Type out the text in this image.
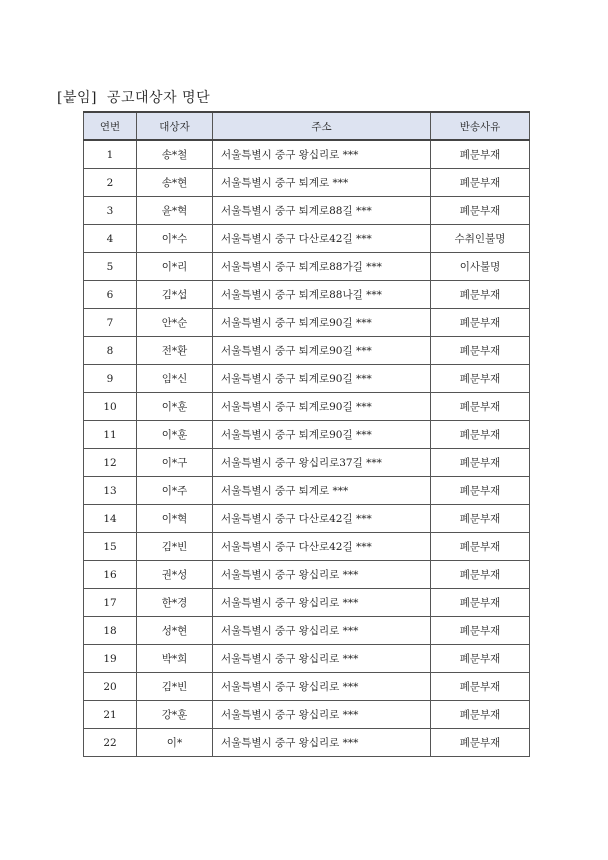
[붙임] 공고대상자 명단
연번	대상자	주소	반송사유
1	송*철	서울특별시 중구 왕십리로 ***	폐문부재
2	송*현	서울특별시 중구 퇴계로 ***	폐문부재
3	윤*혁	서울특별시 중구 퇴계로88길 ***	폐문부재
4	이*수	서울특별시 중구 다산로42길 ***	수취인불명
5	이*리	서울특별시 중구 퇴계로88가길 ***	이사불명
6	김*섭	서울특별시 중구 퇴계로88나길 ***	폐문부재
7	안*순	서울특별시 중구 퇴계로90길 ***	폐문부재
8	전*환	서울특별시 중구 퇴계로90길 ***	폐문부재
9	임*신	서울특별시 중구 퇴계로90길 ***	폐문부재
10	이*훈	서울특별시 중구 퇴계로90길 ***	폐문부재
11	이*훈	서울특별시 중구 퇴계로90길 ***	폐문부재
12	이*구	서울특별시 중구 왕십리로37길 ***	폐문부재
13	이*주	서울특별시 중구 퇴계로 ***	폐문부재
14	이*혁	서울특별시 중구 다산로42길 ***	폐문부재
15	김*빈	서울특별시 중구 다산로42길 ***	폐문부재
16	권*성	서울특별시 중구 왕십리로 ***	폐문부재
17	한*경	서울특별시 중구 왕십리로 ***	폐문부재
18	성*현	서울특별시 중구 왕십리로 ***	폐문부재
19	박*희	서울특별시 중구 왕십리로 ***	폐문부재
20	김*빈	서울특별시 중구 왕십리로 ***	폐문부재
21	강*훈	서울특별시 중구 왕십리로 ***	폐문부재
22	이*	서울특별시 중구 왕십리로 ***	폐문부재
